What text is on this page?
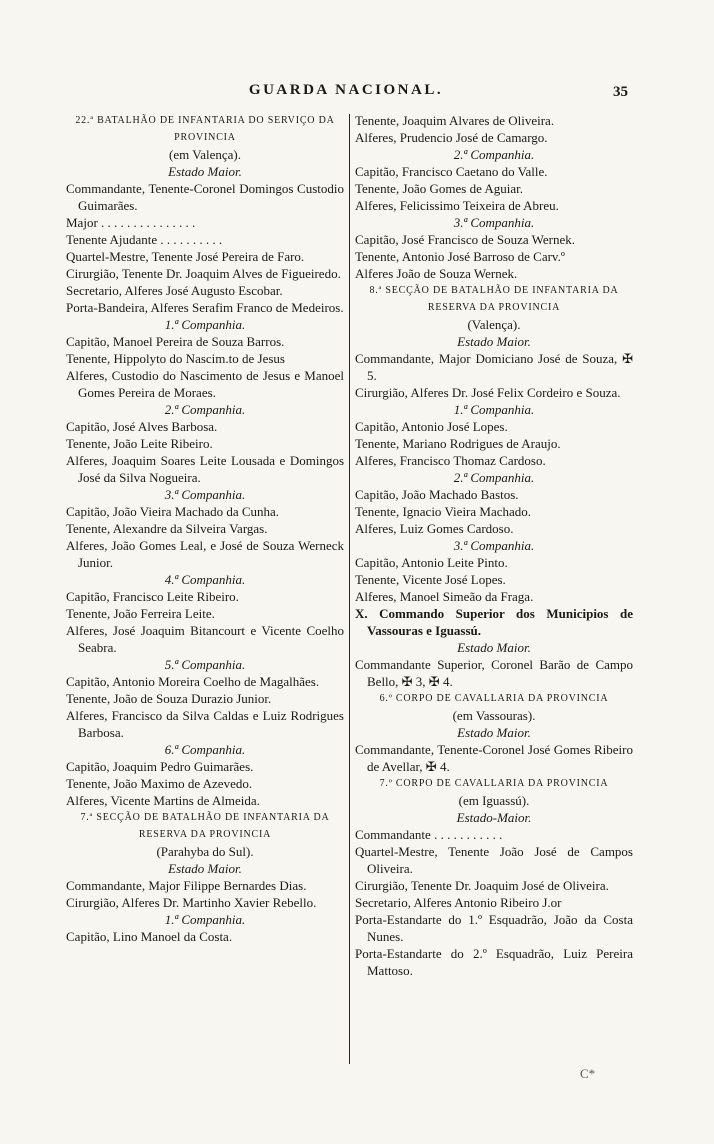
GUARDA NACIONAL.	35
22.ª BATALHÃO DE INFANTARIA DO SERVIÇO DA PROVINCIA
(em Valença).
Estado Maior.
Commandante, Tenente-Coronel Domingos Custodio Guimarães.
Major . . . . . . . . . . . . . . .
Tenente Ajudante . . . . . . . . . .
Quartel-Mestre, Tenente José Pereira de Faro.
Cirurgião, Tenente Dr. Joaquim Alves de Figueiredo.
Secretario, Alferes José Augusto Escobar.
Porta-Bandeira, Alferes Serafim Franco de Medeiros.
1.ª Companhia.
Capitão, Manoel Pereira de Souza Barros.
Tenente, Hippolyto do Nascim.to de Jesus
Alferes, Custodio do Nascimento de Jesus e Manoel Gomes Pereira de Moraes.
2.ª Companhia.
Capitão, José Alves Barbosa.
Tenente, João Leite Ribeiro.
Alferes, Joaquim Soares Leite Lousada e Domingos José da Silva Nogueira.
3.ª Companhia.
Capitão, João Vieira Machado da Cunha.
Tenente, Alexandre da Silveira Vargas.
Alferes, João Gomes Leal, e José de Souza Werneck Junior.
4.ª Companhia.
Capitão, Francisco Leite Ribeiro.
Tenente, João Ferreira Leite.
Alferes, José Joaquim Bitancourt e Vicente Coelho Seabra.
5.ª Companhia.
Capitão, Antonio Moreira Coelho de Magalhães.
Tenente, João de Souza Durazio Junior.
Alferes, Francisco da Silva Caldas e Luiz Rodrigues Barbosa.
6.ª Companhia.
Capitão, Joaquim Pedro Guimarães.
Tenente, João Maximo de Azevedo.
Alferes, Vicente Martins de Almeida.
7.ª SECÇÃO DE BATALHÃO DE INFANTARIA DA RESERVA DA PROVINCIA
(Parahyba do Sul).
Estado Maior.
Commandante, Major Filippe Bernardes Dias.
Cirurgião, Alferes Dr. Martinho Xavier Rebello.
1.ª Companhia.
Capitão, Lino Manoel da Costa.
Tenente, Joaquim Alvares de Oliveira.
Alferes, Prudencio José de Camargo.
2.ª Companhia.
Capitão, Francisco Caetano do Valle.
Tenente, João Gomes de Aguiar.
Alferes, Felicissimo Teixeira de Abreu.
3.ª Companhia.
Capitão, José Francisco de Souza Wernek.
Tenente, Antonio José Barroso de Carv.º
Alferes João de Souza Wernek.
8.ª SECÇÃO DE BATALHÃO DE INFANTARIA DA RESERVA DA PROVINCIA
(Valença).
Estado Maior.
Commandante, Major Domiciano José de Souza, ✠ 5.
Cirurgião, Alferes Dr. José Felix Cordeiro e Souza.
1.ª Companhia.
Capitão, Antonio José Lopes.
Tenente, Mariano Rodrigues de Araujo.
Alferes, Francisco Thomaz Cardoso.
2.ª Companhia.
Capitão, João Machado Bastos.
Tenente, Ignacio Vieira Machado.
Alferes, Luiz Gomes Cardoso.
3.ª Companhia.
Capitão, Antonio Leite Pinto.
Tenente, Vicente José Lopes.
Alferes, Manoel Simeão da Fraga.
X. Commando Superior dos Municipios de Vassouras e Iguassú.
Estado Maior.
Commandante Superior, Coronel Barão de Campo Bello, ✠ 3, ✠ 4.
6.º CORPO DE CAVALLARIA DA PROVINCIA
(em Vassouras).
Estado Maior.
Commandante, Tenente-Coronel José Gomes Ribeiro de Avellar, ✠ 4.
7.º CORPO DE CAVALLARIA DA PROVINCIA
(em Iguassú).
Estado-Maior.
Commandante . . . . . . . . . . .
Quartel-Mestre, Tenente João José de Campos Oliveira.
Cirurgião, Tenente Dr. Joaquim José de Oliveira.
Secretario, Alferes Antonio Ribeiro J.or
Porta-Estandarte do 1.º Esquadrão, João da Costa Nunes.
Porta-Estandarte do 2.º Esquadrão, Luiz Pereira Mattoso.
C*
